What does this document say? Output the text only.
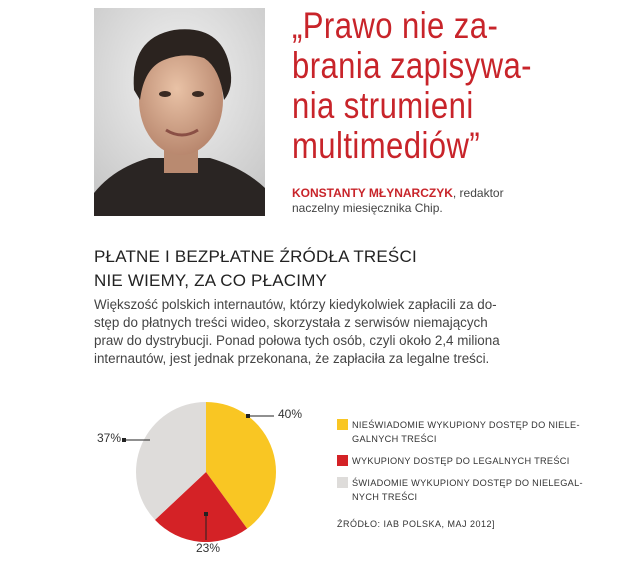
„Prawo nie za-
brania zapisywa-
nia strumieni
multimediów”
KONSTANTY MŁYNARCZYK, redaktor
naczelny miesięcznika Chip.
PŁATNE I BEZPŁATNE ŹRÓDŁA TREŚCI
NIE WIEMY, ZA CO PŁACIMY
Większość polskich internautów, którzy kiedykolwiek zapłacili za do-
stęp do płatnych treści wideo, skorzystała z serwisów niemających
praw do dystrybucji. Ponad połowa tych osób, czyli około 2,4 miliona
internautów, jest jednak przekonana, że zapłaciła za legalne treści.
40%
23%
37%
NIEŚWIADOMIE WYKUPIONY DOSTĘP DO NIELE-
GALNYCH TREŚCI
WYKUPIONY DOSTĘP DO LEGALNYCH TREŚCI
ŚWIADOMIE WYKUPIONY DOSTĘP DO NIELEGAL-
NYCH TREŚCI
ŹRÓDŁO: IAB POLSKA, MAJ 2012]
